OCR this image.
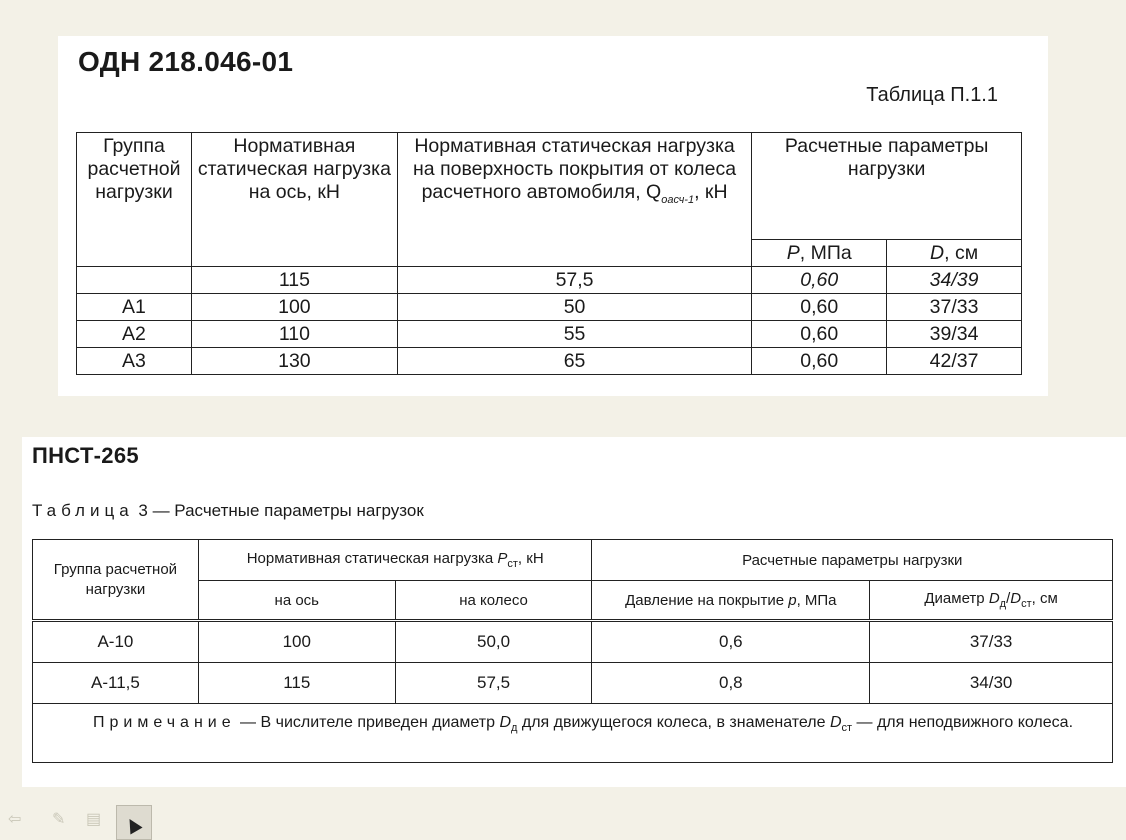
ОДН 218.046-01
Таблица П.1.1
Группа расчетной нагрузки	Нормативная статическая нагрузка на ось, кН	Нормативная статическая нагрузка на поверхность покрытия от колеса расчетного автомобиля, $Q_{оасч-1}$, кН	Расчетные параметры нагрузки	
			P, МПа	D, см
	115	57,5	0,60	34/39
А1	100	50	0,60	37/33
А2	110	55	0,60	39/34
А3	130	65	0,60	42/37
ПНСТ-265
Таблица 3 — Расчетные параметры нагрузок
Группа расчетной нагрузки	Нормативная статическая нагрузка $P_{ст}$, кН		Расчетные параметры нагрузки	
	на ось	на колесо	Давление на покрытие p, МПа	Диаметр $D_д/D_{ст}$, см
А-10	100	50,0	0,6	37/33
А-11,5	115	57,5	0,8	34/30
Примечание — В числителе приведен диаметр $D_д$ для движущегося колеса, в знаменателе $D_{ст}$ — для неподвижного колеса.				
⇦ ✎ ▤
